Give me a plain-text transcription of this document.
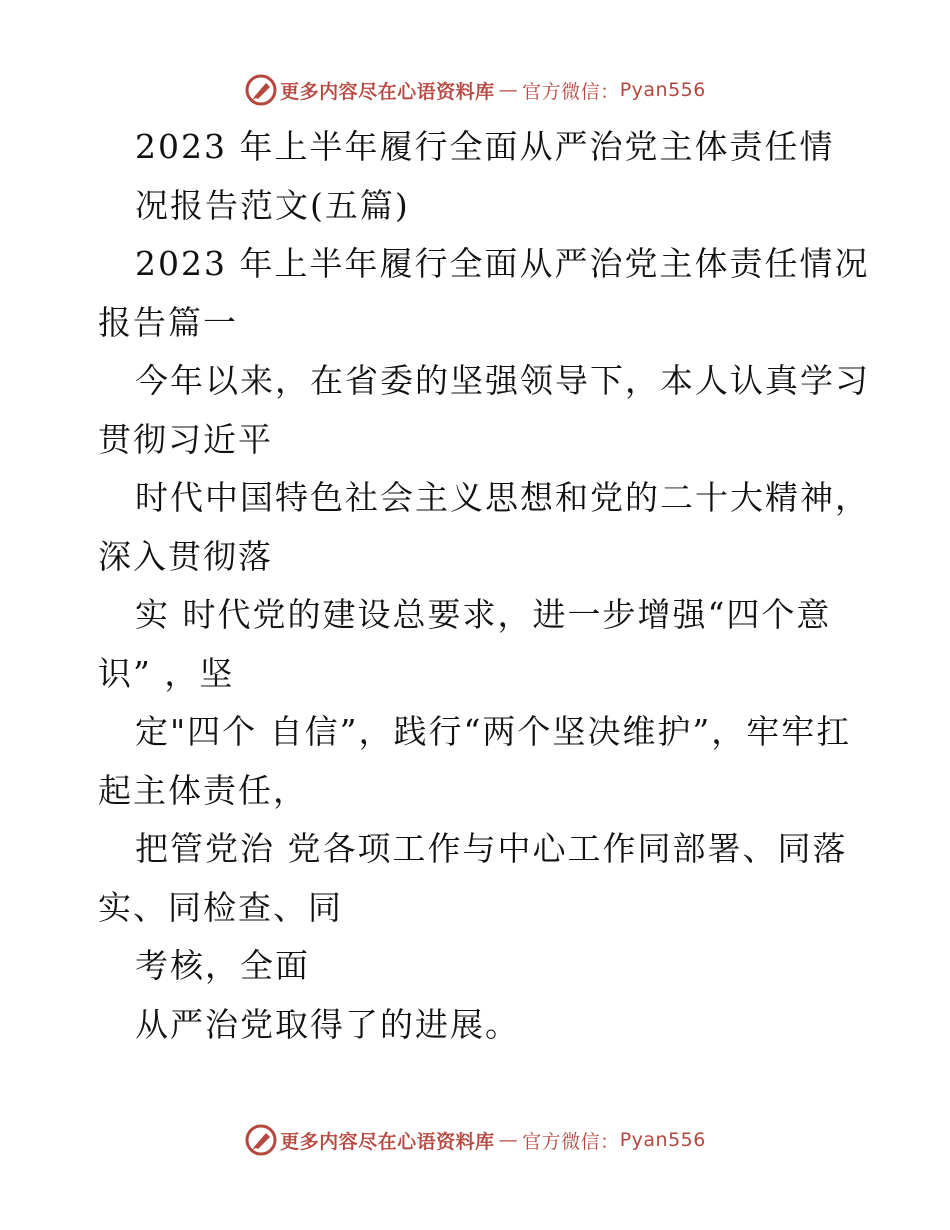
更多内容尽在心语资料库 — 官方微信： Pyan556
2023 年上半年履行全面从严治党主体责任情
况报告范文(五篇)
2023 年上半年履行全面从严治党主体责任情况
报告篇一
今年以来，在省委的坚强领导下，本人认真学习
贯彻习近平
时代中国特色社会主义思想和党的二十大精神，
深入贯彻落
实 时代党的建设总要求，进一步增强“四个意
识” ，坚
定"四个 自信”，践行“两个坚决维护”，牢牢扛
起主体责任，
把管党治 党各项工作与中心工作同部署、同落
实、同检查、同
考核，全面
从严治党取得了的进展。
更多内容尽在心语资料库 — 官方微信： Pyan556
